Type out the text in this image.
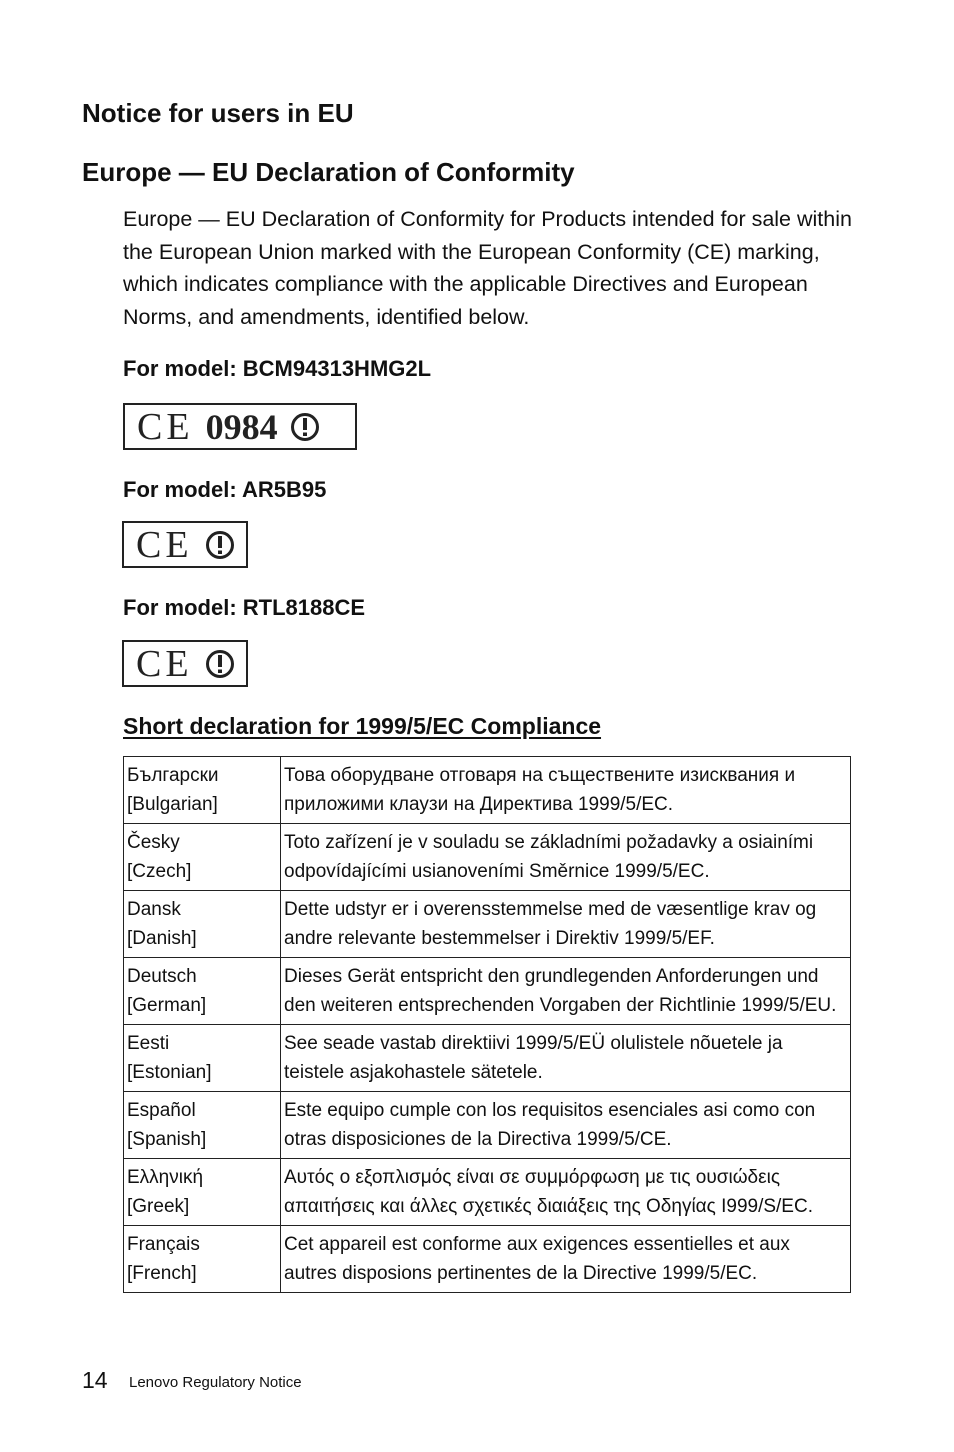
Notice for users in EU
Europe — EU Declaration of Conformity

Europe — EU Declaration of Conformity for Products intended for sale within the European Union marked with the European Conformity (CE) marking, which indicates compliance with the applicable Directives and European Norms, and amendments, identified below.

For model: BCM94313HMG2L

CE 0984

For model: AR5B95

CE

For model: RTL8188CE

CE

Short declaration for 1999/5/EC Compliance

Български
[Bulgarian]	Това оборудване отговаря на съществените изисквания и приложими клаузи на Директива 1999/5/ЕС.
Česky
[Czech]	Toto zařízení je v souladu se základními požadavky a osiainími odpovídajícími usianoveními Směrnice 1999/5/EC.
Dansk
[Danish]	Dette udstyr er i overensstemmelse med de væsentlige krav og andre relevante bestemmelser i Direktiv 1999/5/EF.
Deutsch
[German]	Dieses Gerät entspricht den grundlegenden Anforderungen und den weiteren entsprechenden Vorgaben der Richtlinie 1999/5/EU.
Eesti
[Estonian]	See seade vastab direktiivi 1999/5/EÜ olulistele nõuetele ja teistele asjakohastele sätetele.
Español
[Spanish]	Este equipo cumple con los requisitos esenciales asi como con otras disposiciones de la Directiva 1999/5/CE.
Ελληνική
[Greek]	Αυτός ο εξοπλισμός είναι σε συμμόρφωση με τις ουσιώδεις απαιτήσεις και άλλες σχετικές διαιάξεις της Οδηγίας I999/S/EC.
Français
[French]	Cet appareil est conforme aux exigences essentielles et aux autres disposions pertinentes de la Directive 1999/5/EC.

14 Lenovo Regulatory Notice
